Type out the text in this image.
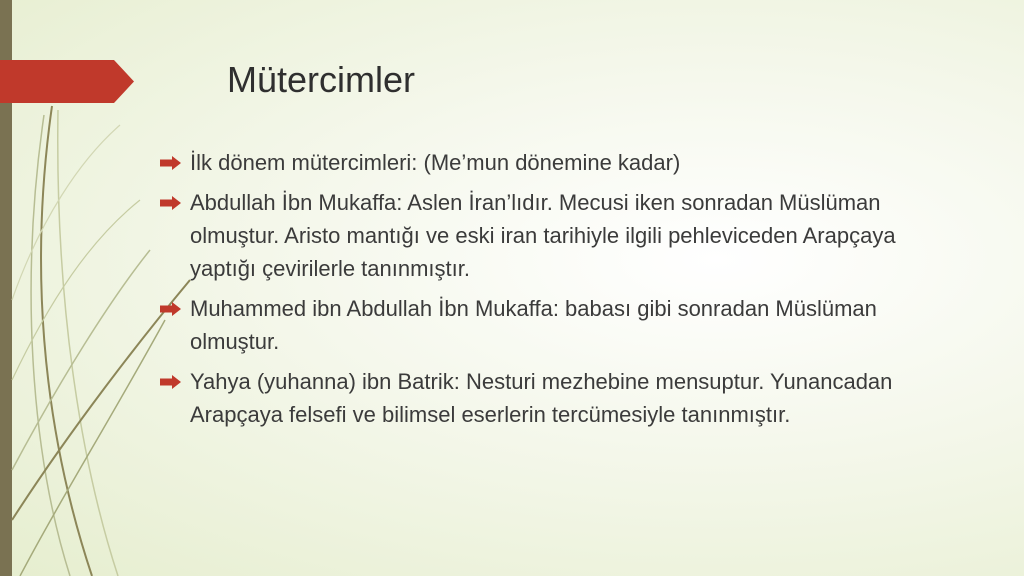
Mütercimler
İlk dönem mütercimleri: (Me’mun dönemine kadar)
Abdullah İbn Mukaffa: Aslen İran’lıdır. Mecusi iken sonradan Müslüman olmuştur. Aristo mantığı ve eski iran tarihiyle ilgili pehleviceden Arapçaya yaptığı çevirilerle tanınmıştır.
Muhammed ibn Abdullah İbn Mukaffa: babası gibi sonradan Müslüman olmuştur.
Yahya (yuhanna) ibn Batrik: Nesturi mezhebine mensuptur. Yunancadan Arapçaya felsefi ve bilimsel eserlerin tercümesiyle tanınmıştır.
